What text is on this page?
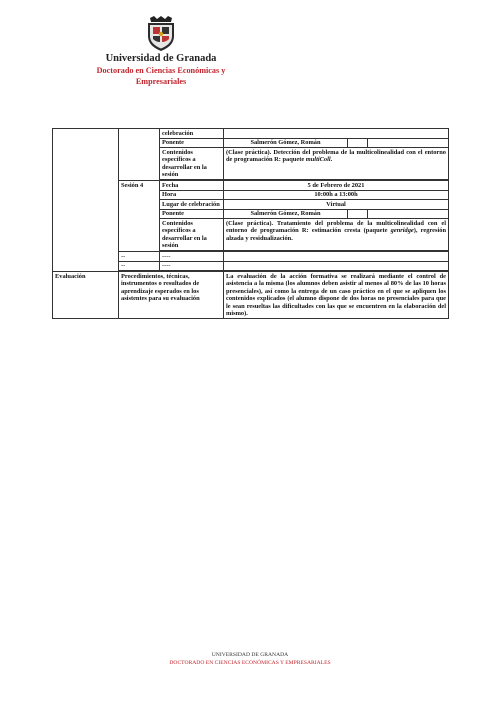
Universidad de Granada
Doctorado en Ciencias Económicas y
Empresariales
		celebración			
		Ponente	Salmerón Gómez, Román		
		Contenidos específicos a desarrollar en la sesión	(Clase práctica). Detección del problema de la multicolinealidad con el entorno de programación R: paquete multiColl.		

	Sesión 4	Fecha	5 de Febrero de 2021		
		Hora	10:00h a 13:00h		
		Lugar de celebración	Virtual		
		Ponente	Salmerón Gómez, Román		
		Contenidos específicos a desarrollar en la sesión	(Clase práctica). Tratamiento del problema de la multicolinealidad con el entorno de programación R: estimación cresta (paquete genridge), regresión alzada y residualización.		

	--	----			
	--	----			

Evaluación	Procedimientos, técnicas, instrumentos o resultados de aprendizaje esperados en los asistentes para su evaluación		La evaluación de la acción formativa se realizará mediante el control de asistencia a la misma (los alumnos deben asistir al menos al 80% de las 10 horas presenciales), así como la entrega de un caso práctico en el que se apliquen los contenidos explicados (el alumno dispone de dos horas no presenciales para que le sean resueltas las dificultades con las que se encuentren en la elaboración del mismo).		
UNIVERSIDAD DE GRANADA
DOCTORADO EN CIENCIAS ECONÓMICAS Y EMPRESARIALES
